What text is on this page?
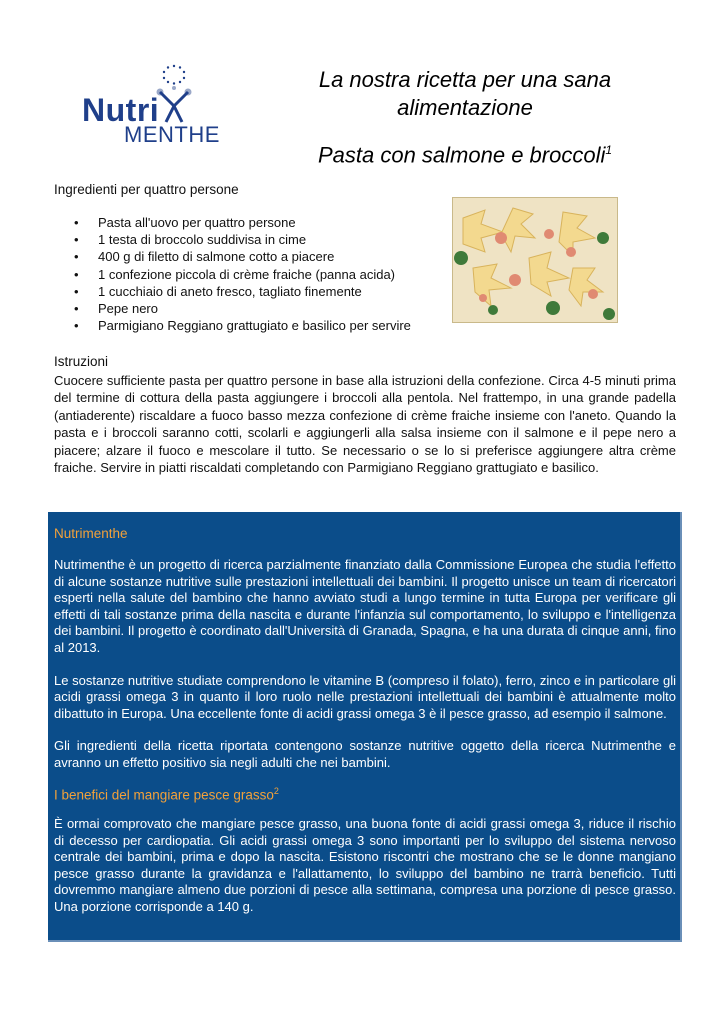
Nutri
MENTHE
La nostra ricetta per una sana alimentazione
Pasta con salmone e broccoli$^1$
Ingredienti per quattro persone
• Pasta all'uovo per quattro persone
• 1 testa di broccolo suddivisa in cime
• 400 g di filetto di salmone cotto a piacere
• 1 confezione piccola di crème fraiche (panna acida)
• 1 cucchiaio di aneto fresco, tagliato finemente
• Pepe nero
• Parmigiano Reggiano grattugiato e basilico per servire
Istruzioni

Cuocere sufficiente pasta per quattro persone in base alla istruzioni della confezione. Circa 4-5 minuti prima del termine di cottura della pasta aggiungere i broccoli alla pentola. Nel frattempo, in una grande padella (antiaderente) riscaldare a fuoco basso mezza confezione di crème fraiche insieme con l'aneto. Quando la pasta e i broccoli saranno cotti, scolarli e aggiungerli alla salsa insieme con il salmone e il pepe nero a piacere; alzare il fuoco e mescolare il tutto. Se necessario o se lo si preferisce aggiungere altra crème fraiche. Servire in piatti riscaldati completando con Parmigiano Reggiano grattugiato e basilico.

Nutrimenthe

Nutrimenthe è un progetto di ricerca parzialmente finanziato dalla Commissione Europea che studia l'effetto di alcune sostanze nutritive sulle prestazioni intellettuali dei bambini. Il progetto unisce un team di ricercatori esperti nella salute del bambino che hanno avviato studi a lungo termine in tutta Europa per verificare gli effetti di tali sostanze prima della nascita e durante l'infanzia sul comportamento, lo sviluppo e l'intelligenza dei bambini. Il progetto è coordinato dall'Università di Granada, Spagna, e ha una durata di cinque anni, fino al 2013.

Le sostanze nutritive studiate comprendono le vitamine B (compreso il folato), ferro, zinco e in particolare gli acidi grassi omega 3 in quanto il loro ruolo nelle prestazioni intellettuali dei bambini è attualmente molto dibattuto in Europa. Una eccellente fonte di acidi grassi omega 3 è il pesce grasso, ad esempio il salmone.

Gli ingredienti della ricetta riportata contengono sostanze nutritive oggetto della ricerca Nutrimenthe e avranno un effetto positivo sia negli adulti che nei bambini.

I benefici del mangiare pesce grasso$^2$

È ormai comprovato che mangiare pesce grasso, una buona fonte di acidi grassi omega 3, riduce il rischio di decesso per cardiopatia. Gli acidi grassi omega 3 sono importanti per lo sviluppo del sistema nervoso centrale dei bambini, prima e dopo la nascita. Esistono riscontri che mostrano che se le donne mangiano pesce grasso durante la gravidanza e l'allattamento, lo sviluppo del bambino ne trarrà beneficio. Tutti dovremmo mangiare almeno due porzioni di pesce alla settimana, compresa una porzione di pesce grasso. Una porzione corrisponde a 140 g.
